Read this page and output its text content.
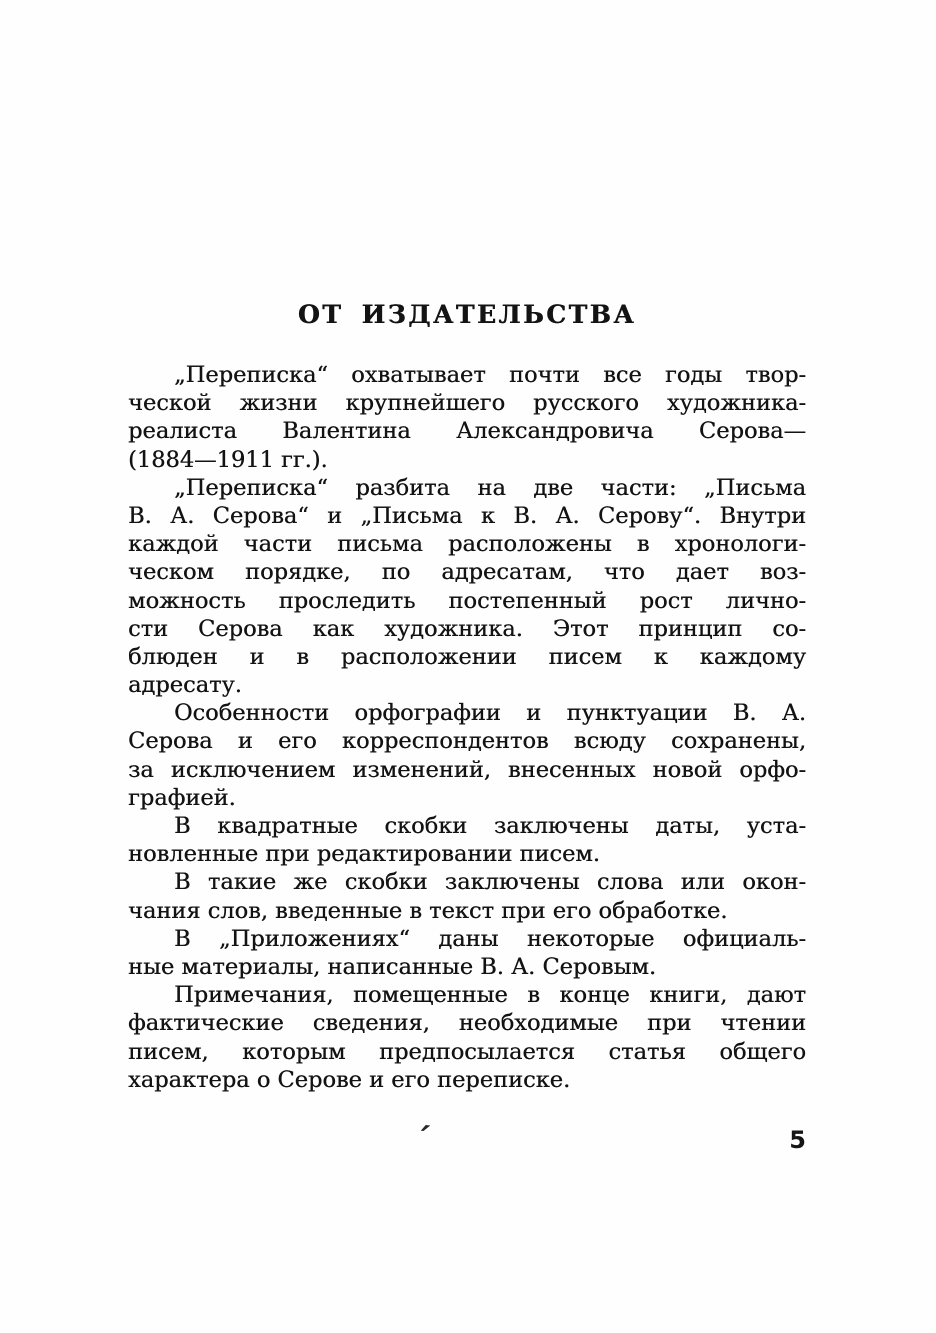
ОТ ИЗДАТЕЛЬСТВА
„Переписка“ охватывает почти все годы твор-
ческой жизни крупнейшего русского художника-
реалиста Валентина Александровича Серова—
(1884—1911 гг.).
„Переписка“ разбита на две части: „Письма
В. А. Серова“ и „Письма к В. А. Серову“. Внутри
каждой части письма расположены в хронологи-
ческом порядке, по адресатам, что дает воз-
можность проследить постепенный рост лично-
сти Серова как художника. Этот принцип со-
блюден и в расположении писем к каждому
адресату.
Особенности орфографии и пунктуации В. А.
Серова и его корреспондентов всюду сохранены,
за исключением изменений, внесенных новой орфо-
графией.
В квадратные скобки заключены даты, уста-
новленные при редактировании писем.
В такие же скобки заключены слова или окон-
чания слов, введенные в текст при его обработке.
В „Приложениях“ даны некоторые официаль-
ные материалы, написанные В. А. Серовым.
Примечания, помещенные в конце книги, дают
фактические сведения, необходимые при чтении
писем, которым предпосылается статья общего
характера о Серове и его переписке.
´	5
